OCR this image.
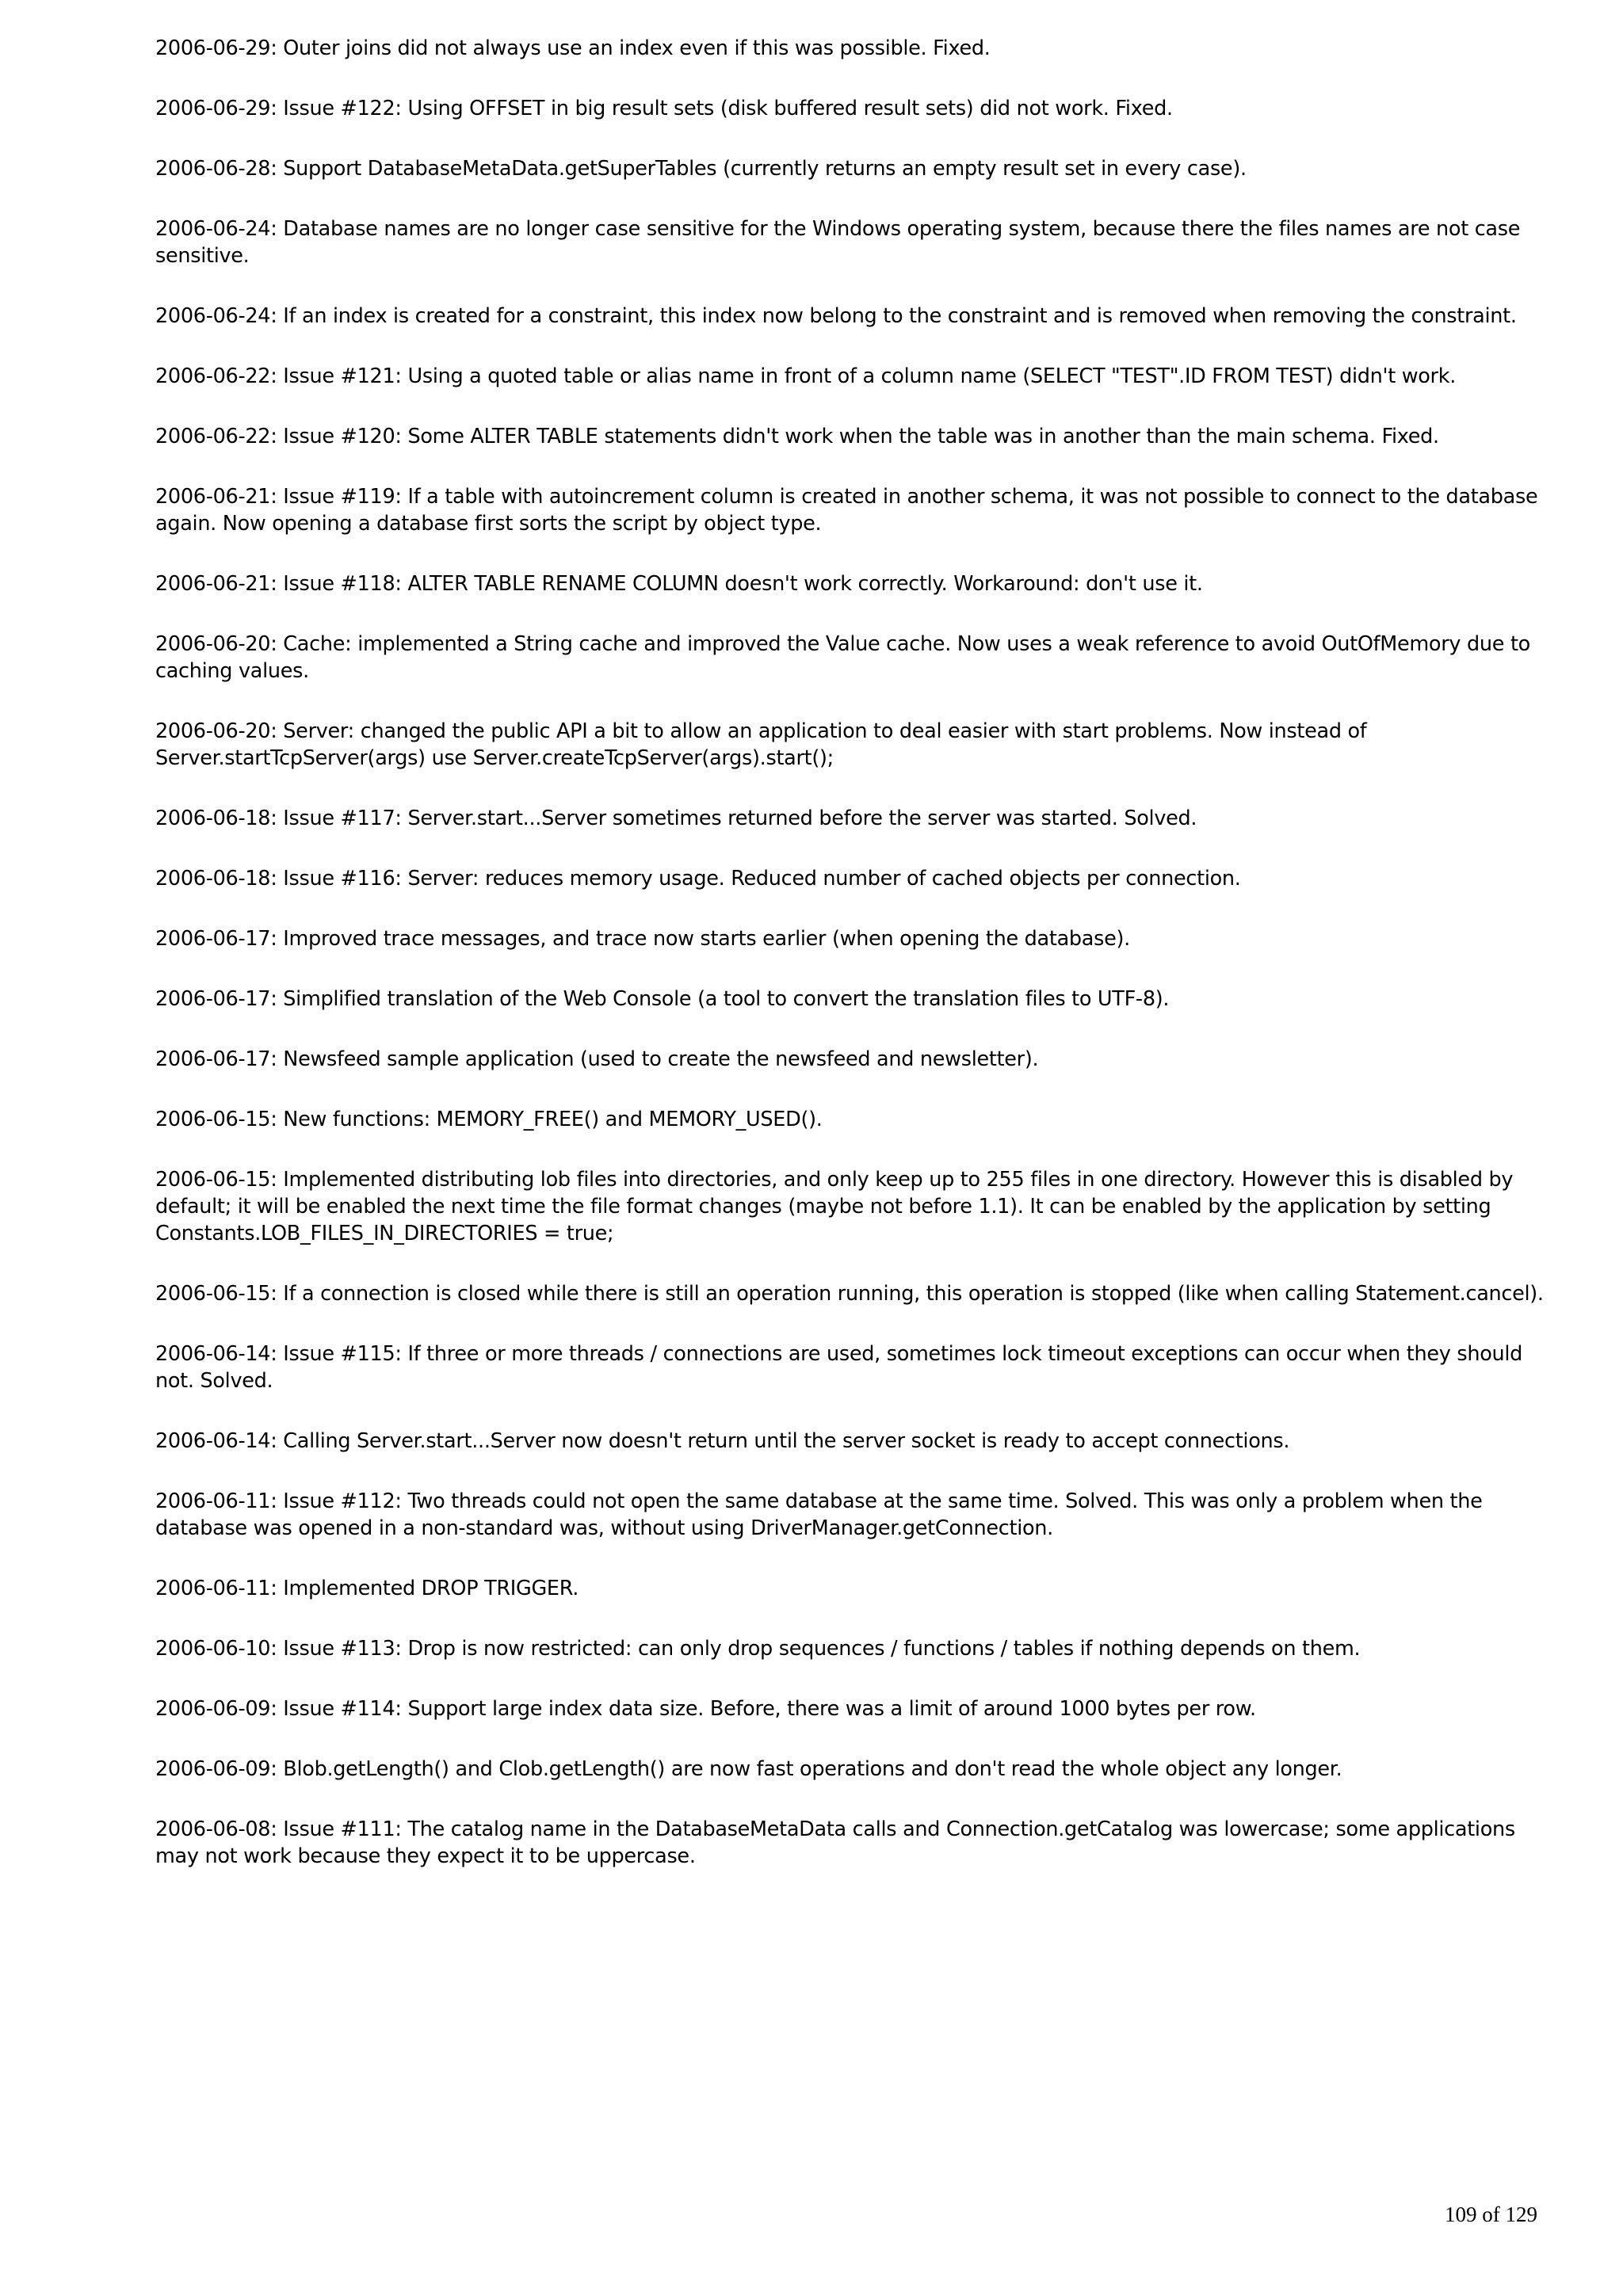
2006-06-29: Outer joins did not always use an index even if this was possible. Fixed.

2006-06-29: Issue #122: Using OFFSET in big result sets (disk buffered result sets) did not work. Fixed.

2006-06-28: Support DatabaseMetaData.getSuperTables (currently returns an empty result set in every case).

2006-06-24: Database names are no longer case sensitive for the Windows operating system, because there the files names are not case sensitive.

2006-06-24: If an index is created for a constraint, this index now belong to the constraint and is removed when removing the constraint.

2006-06-22: Issue #121: Using a quoted table or alias name in front of a column name (SELECT "TEST".ID FROM TEST) didn't work.

2006-06-22: Issue #120: Some ALTER TABLE statements didn't work when the table was in another than the main schema. Fixed.

2006-06-21: Issue #119: If a table with autoincrement column is created in another schema, it was not possible to connect to the database again. Now opening a database first sorts the script by object type.

2006-06-21: Issue #118: ALTER TABLE RENAME COLUMN doesn't work correctly. Workaround: don't use it.

2006-06-20: Cache: implemented a String cache and improved the Value cache. Now uses a weak reference to avoid OutOfMemory due to caching values.

2006-06-20: Server: changed the public API a bit to allow an application to deal easier with start problems. Now instead of Server.startTcpServer(args) use Server.createTcpServer(args).start();

2006-06-18: Issue #117: Server.start...Server sometimes returned before the server was started. Solved.

2006-06-18: Issue #116: Server: reduces memory usage. Reduced number of cached objects per connection.

2006-06-17: Improved trace messages, and trace now starts earlier (when opening the database).

2006-06-17: Simplified translation of the Web Console (a tool to convert the translation files to UTF-8).

2006-06-17: Newsfeed sample application (used to create the newsfeed and newsletter).

2006-06-15: New functions: MEMORY_FREE() and MEMORY_USED().

2006-06-15: Implemented distributing lob files into directories, and only keep up to 255 files in one directory. However this is disabled by default; it will be enabled the next time the file format changes (maybe not before 1.1). It can be enabled by the application by setting Constants.LOB_FILES_IN_DIRECTORIES = true;

2006-06-15: If a connection is closed while there is still an operation running, this operation is stopped (like when calling Statement.cancel).

2006-06-14: Issue #115: If three or more threads / connections are used, sometimes lock timeout exceptions can occur when they should not. Solved.

2006-06-14: Calling Server.start...Server now doesn't return until the server socket is ready to accept connections.

2006-06-11: Issue #112: Two threads could not open the same database at the same time. Solved. This was only a problem when the database was opened in a non-standard was, without using DriverManager.getConnection.

2006-06-11: Implemented DROP TRIGGER.

2006-06-10: Issue #113: Drop is now restricted: can only drop sequences / functions / tables if nothing depends on them.

2006-06-09: Issue #114: Support large index data size. Before, there was a limit of around 1000 bytes per row.

2006-06-09: Blob.getLength() and Clob.getLength() are now fast operations and don't read the whole object any longer.

2006-06-08: Issue #111: The catalog name in the DatabaseMetaData calls and Connection.getCatalog was lowercase; some applications may not work because they expect it to be uppercase.

109 of 129
